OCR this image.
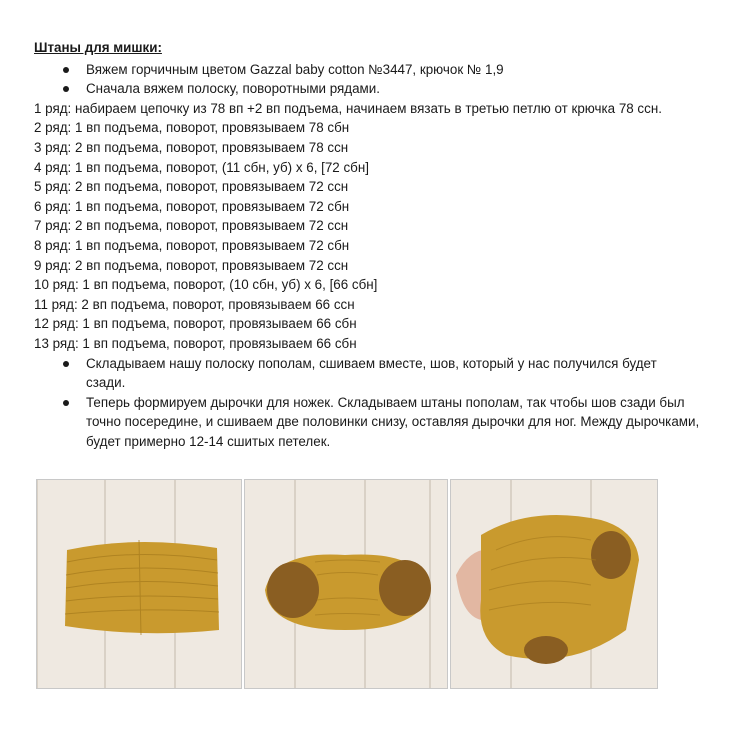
Штаны для мишки:
Вяжем горчичным цветом Gazzal baby cotton №3447, крючок № 1,9
Сначала вяжем полоску, поворотными рядами.
1 ряд: набираем цепочку из 78 вп +2 вп подъема, начинаем вязать в третью петлю от крючка 78 ссн.
2 ряд: 1 вп подъема, поворот, провязываем 78 сбн
3 ряд: 2 вп подъема, поворот, провязываем 78 ссн
4 ряд: 1 вп подъема, поворот, (11 сбн, уб) х 6, [72 сбн]
5 ряд: 2 вп подъема, поворот, провязываем 72 ссн
6 ряд: 1 вп подъема, поворот, провязываем 72 сбн
7 ряд: 2 вп подъема, поворот, провязываем 72 ссн
8 ряд: 1 вп подъема, поворот, провязываем 72 сбн
9 ряд: 2 вп подъема, поворот, провязываем 72 ссн
10 ряд: 1 вп подъема, поворот, (10 сбн, уб) х 6, [66 сбн]
11 ряд: 2 вп подъема, поворот, провязываем 66 ссн
12 ряд: 1 вп подъема, поворот, провязываем 66 сбн
13 ряд: 1 вп подъема, поворот, провязываем 66 сбн
Складываем нашу полоску пополам, сшиваем вместе, шов, который у нас получился будет сзади.
Теперь формируем дырочки для ножек. Складываем штаны пополам, так чтобы шов сзади был точно посередине, и сшиваем две половинки снизу, оставляя дырочки для ног. Между дырочками, будет примерно 12-14 сшитых петелек.
